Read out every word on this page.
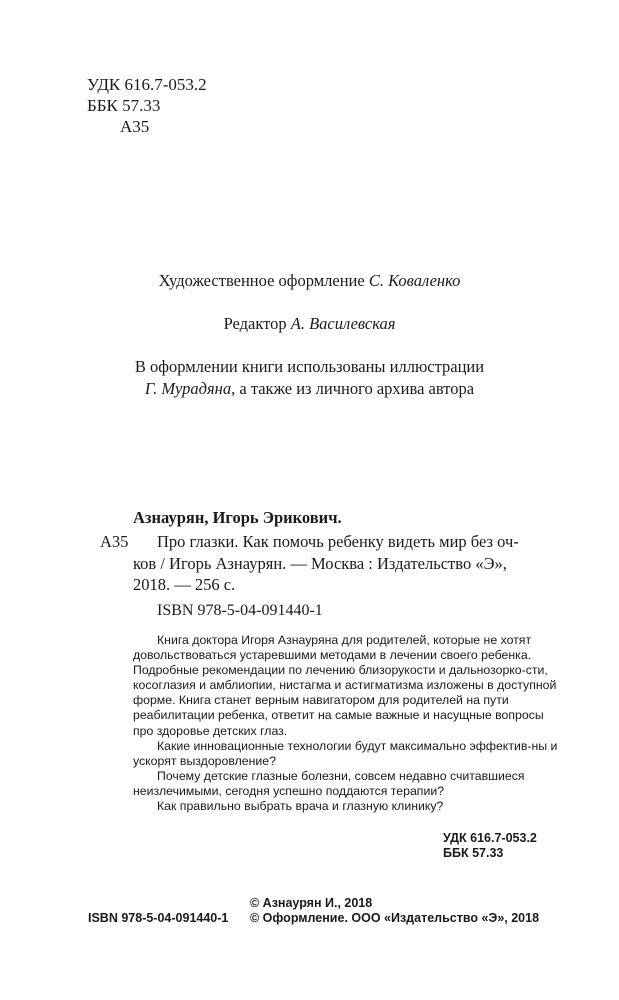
УДК 616.7-053.2
ББК 57.33
А35
Художественное оформление С. Коваленко
Редактор А. Василевская
В оформлении книги использованы иллюстрации
Г. Мурадяна, а также из личного архива автора
Азнаурян, Игорь Эрикович.
А35	Про глазки. Как помочь ребенку видеть мир без оч-
ков / Игорь Азнаурян. — Москва : Издательство «Э»,
2018. — 256 с.
ISBN 978-5-04-091440-1

Книга доктора Игоря Азнауряна для родителей, которые не хотят довольствоваться устаревшими методами в лечении своего ребенка. Подробные рекомендации по лечению близорукости и дальнозорко-сти, косоглазия и амблиопии, нистагма и астигматизма изложены в доступной форме. Книга станет верным навигатором для родителей на пути реабилитации ребенка, ответит на самые важные и насущные вопросы про здоровье детских глаз.

Какие инновационные технологии будут максимально эффектив-ны и ускорят выздоровление?

Почему детские глазные болезни, совсем недавно считавшиеся неизлечимыми, сегодня успешно поддаются терапии?

Как правильно выбрать врача и глазную клинику?

УДК 616.7-053.2
ББК 57.33
© Азнаурян И., 2018
© Оформление. ООО «Издательство «Э», 2018
ISBN 978-5-04-091440-1
